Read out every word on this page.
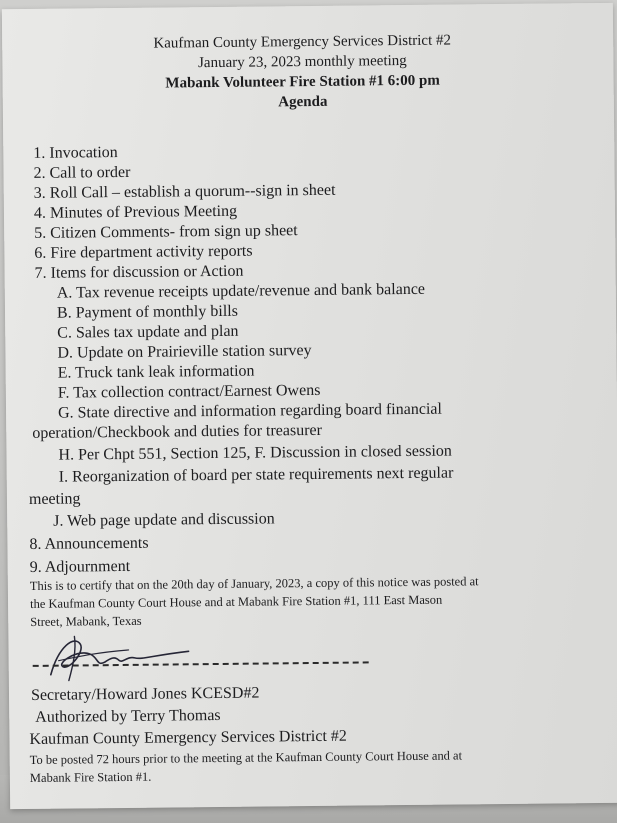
Kaufman County Emergency Services District #2
January 23, 2023 monthly meeting
Mabank Volunteer Fire Station #1 6:00 pm
Agenda
1. Invocation
2. Call to order
3. Roll Call – establish a quorum--sign in sheet
4. Minutes of Previous Meeting
5. Citizen Comments- from sign up sheet
6. Fire department activity reports
7. Items for discussion or Action
A. Tax revenue receipts update/revenue and bank balance
B. Payment of monthly bills
C. Sales tax update and plan
D. Update on Prairieville station survey
E. Truck tank leak information
F. Tax collection contract/Earnest Owens
G. State directive and information regarding board financial
operation/Checkbook and duties for treasurer
H. Per Chpt 551, Section 125, F. Discussion in closed session
I. Reorganization of board per state requirements next regular
meeting
J. Web page update and discussion
8. Announcements
9. Adjournment
This is to certify that on the 20th day of January, 2023, a copy of this notice was posted at
the Kaufman County Court House and at Mabank Fire Station #1, 111 East Mason
Street, Mabank, Texas
Secretary/Howard Jones KCESD#2
Authorized by Terry Thomas
Kaufman County Emergency Services District #2
To be posted 72 hours prior to the meeting at the Kaufman County Court House and at
Mabank Fire Station #1.
